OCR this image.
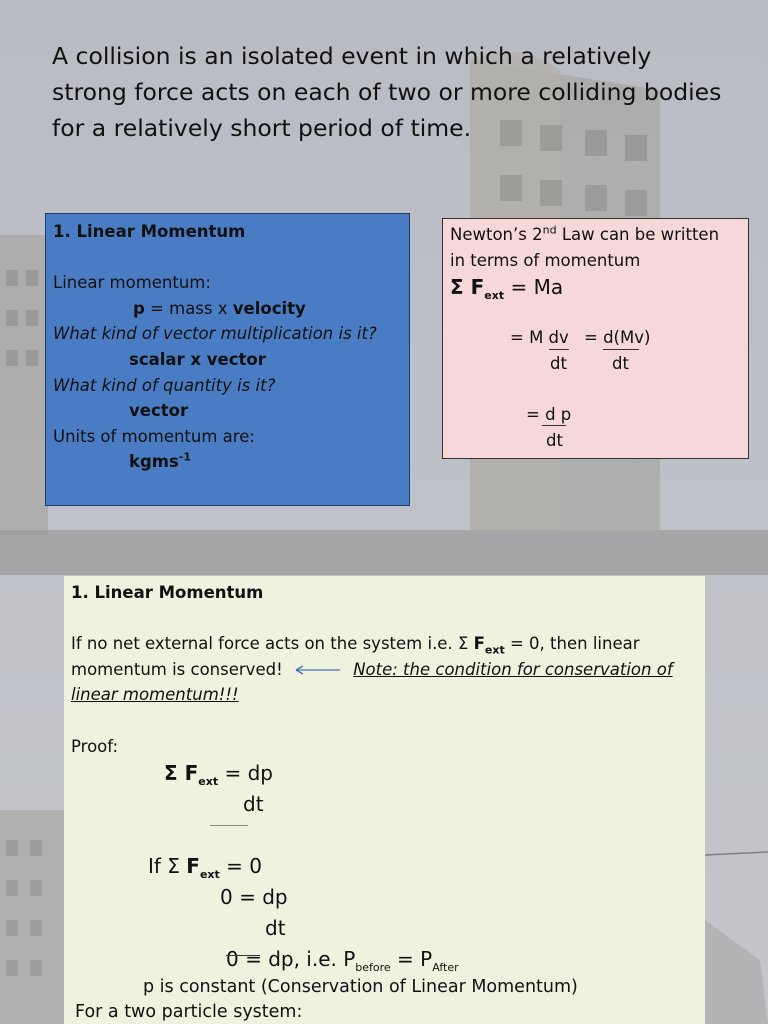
A collision is an isolated event in which a relatively strong force acts on each of two or more colliding bodies for a relatively short period of time.
1. Linear Momentum

Linear momentum:
p = mass x velocity
What kind of vector multiplication is it?
scalar x vector
What kind of quantity is it?
vector
Units of momentum are:
kgms$^{-1}$
Newton’s 2nd Law can be written
in terms of momentum
Σ $F_{ext} = Ma$
= M dv = d(Mv)
dt	dt
= d p
dt
1. Linear Momentum

If no net external force acts on the system i.e. Σ $F_{ext} = 0$, then linear
momentum is conserved!	Note: the condition for conservation of
linear momentum!!!

Proof:
Σ $F_{ext}$ = dp
dt
If Σ $F_{ext} = 0$
0 = dp
dt
0 = dp, i.e. $P_{before} = P_{After}$
p is constant (Conservation of Linear Momentum)
For a two particle system:
